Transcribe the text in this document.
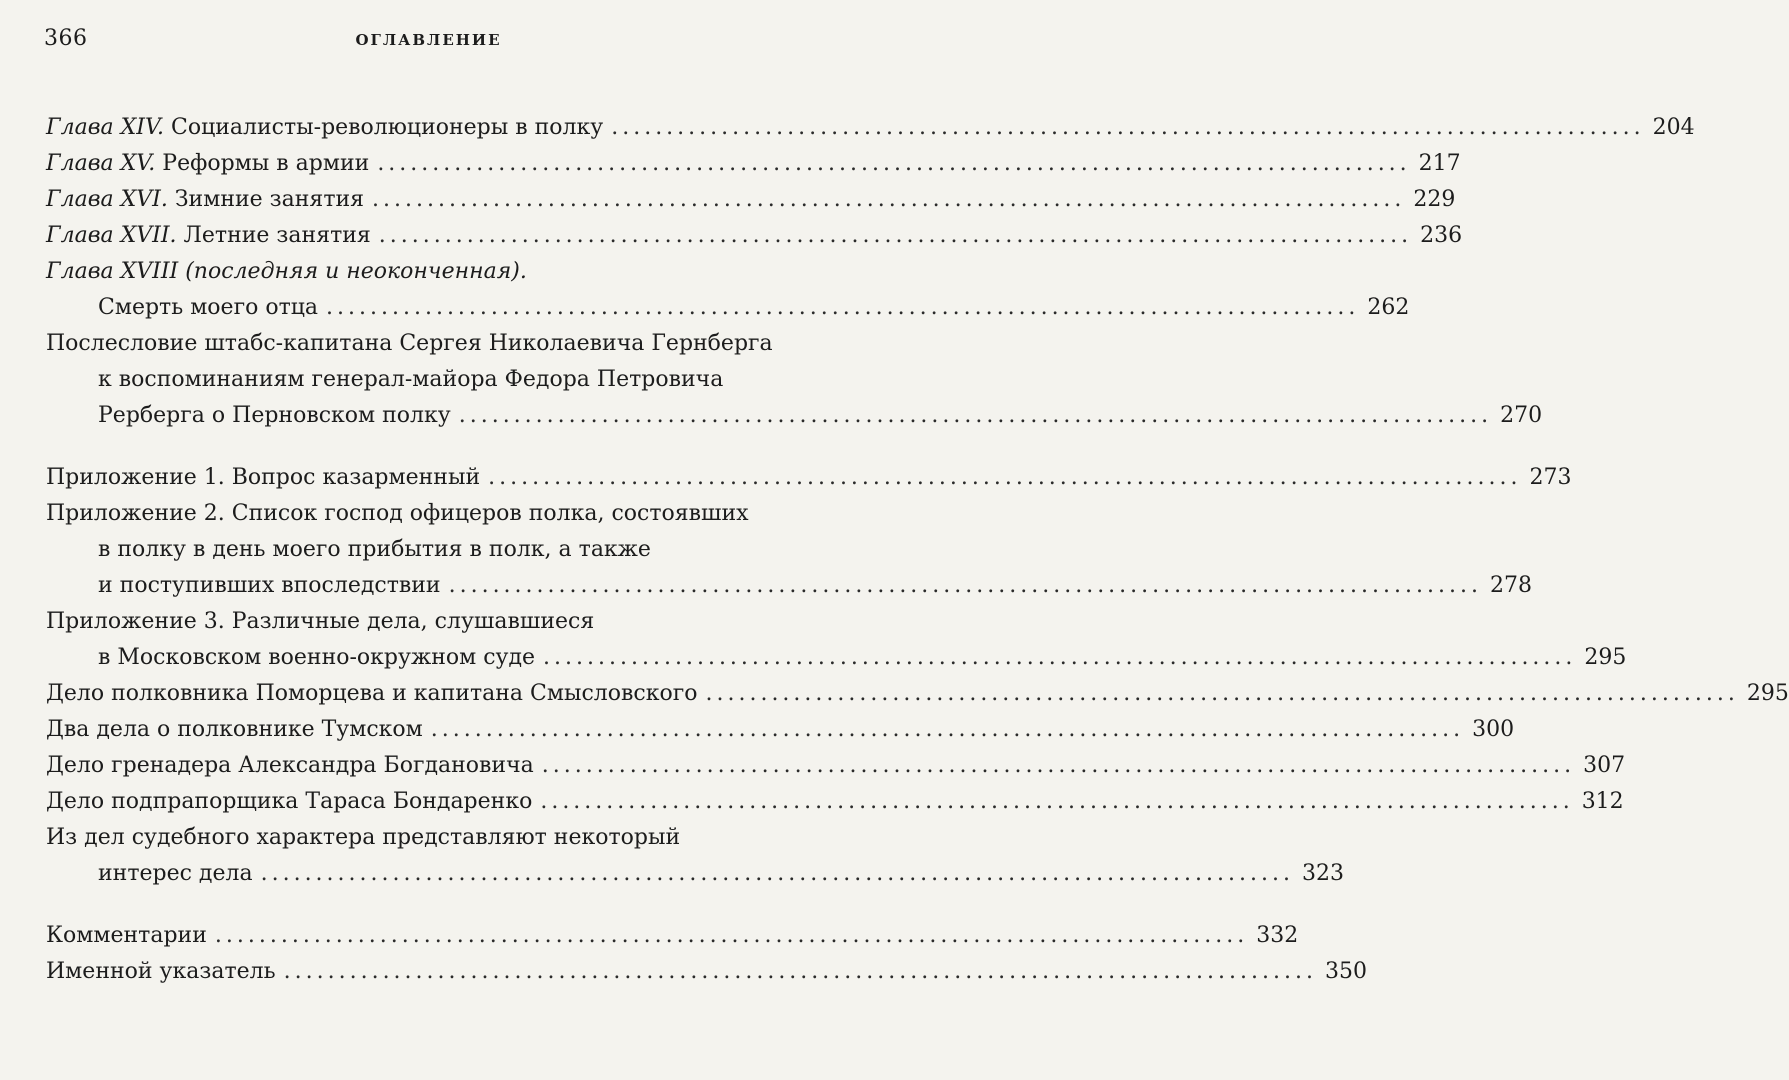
366	ОГЛАВЛЕНИЕ
Глава XIV. Социалисты-революционеры в полку .............................................................................................. 204
Глава XV. Реформы в армии .............................................................................................. 217
Глава XVI. Зимние занятия .............................................................................................. 229
Глава XVII. Летние занятия .............................................................................................. 236
Глава XVIII (последняя и неоконченная).
Смерть моего отца .............................................................................................. 262
Послесловие штабс-капитана Сергея Николаевича Гернберга
к воспоминаниям генерал-майора Федора Петровича
Рерберга о Перновском полку .............................................................................................. 270
Приложение 1. Вопрос казарменный .............................................................................................. 273
Приложение 2. Список господ офицеров полка, состоявших
в полку в день моего прибытия в полк, а также
и поступивших впоследствии .............................................................................................. 278
Приложение 3. Различные дела, слушавшиеся
в Московском военно-окружном суде .............................................................................................. 295
Дело полковника Поморцева и капитана Смысловского .............................................................................................. 295
Два дела о полковнике Тумском .............................................................................................. 300
Дело гренадера Александра Богдановича .............................................................................................. 307
Дело подпрапорщика Тараса Бондаренко .............................................................................................. 312
Из дел судебного характера представляют некоторый
интерес дела .............................................................................................. 323
Комментарии .............................................................................................. 332
Именной указатель .............................................................................................. 350
